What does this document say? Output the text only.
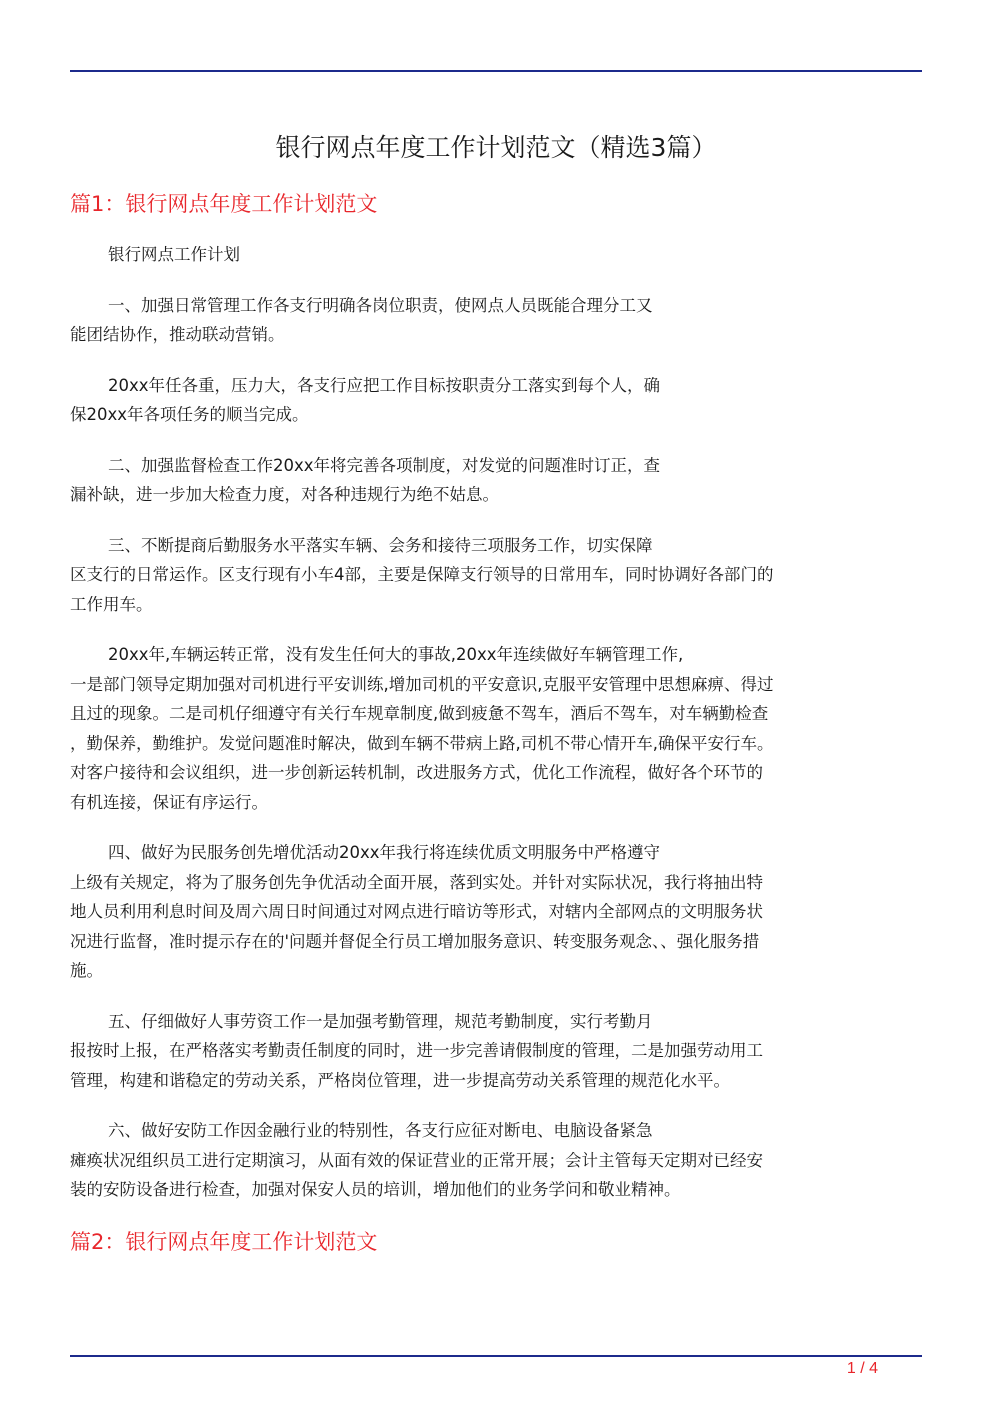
银行网点年度工作计划范文（精选3篇）
篇1：银行网点年度工作计划范文

银行网点工作计划

一、加强日常管理工作各支行明确各岗位职责，使网点人员既能合理分工又
能团结协作，推动联动营销。

20xx年任各重，压力大，各支行应把工作目标按职责分工落实到每个人，确
保20xx年各项任务的顺当完成。

二、加强监督检查工作20xx年将完善各项制度，对发觉的问题准时订正，查
漏补缺，进一步加大检查力度，对各种违规行为绝不姑息。

三、不断提商后勤服务水平落实车辆、会务和接待三项服务工作，切实保障
区支行的日常运作。区支行现有小车4部，主要是保障支行领导的日常用车，同时协调好各部门的
工作用车。

20xx年,车辆运转正常，没有发生任何大的事故,20xx年连续做好车辆管理工作,
一是部门领导定期加强对司机进行平安训练,增加司机的平安意识,克服平安管理中思想麻痹、得过
且过的现象。二是司机仔细遵守有关行车规章制度,做到疲惫不驾车，酒后不驾车，对车辆勤检查
，勤保养，勤维护。发觉问题准时解决，做到车辆不带病上路,司机不带心情开车,确保平安行车。
对客户接待和会议组织，进一步创新运转机制，改进服务方式，优化工作流程，做好各个环节的
有机连接，保证有序运行。

四、做好为民服务创先增优活动20xx年我行将连续优质文明服务中严格遵守
上级有关规定，将为了服务创先争优活动全面开展，落到实处。并针对实际状况，我行将抽出特
地人员利用利息时间及周六周日时间通过对网点进行暗访等形式，对辖内全部网点的文明服务状
况进行监督，准时提示存在的'问题并督促全行员工增加服务意识、转变服务观念、、强化服务措
施。

五、仔细做好人事劳资工作一是加强考勤管理，规范考勤制度，实行考勤月
报按时上报，在严格落实考勤责任制度的同时，进一步完善请假制度的管理，二是加强劳动用工
管理，构建和谐稳定的劳动关系，严格岗位管理，进一步提高劳动关系管理的规范化水平。

六、做好安防工作因金融行业的特别性，各支行应征对断电、电脑设备紧急
瘫痪状况组织员工进行定期演习，从面有效的保证营业的正常开展；会计主管每天定期对已经安
装的安防设备进行检查，加强对保安人员的培训，增加他们的业务学问和敬业精神。

篇2：银行网点年度工作计划范文
1 / 4
